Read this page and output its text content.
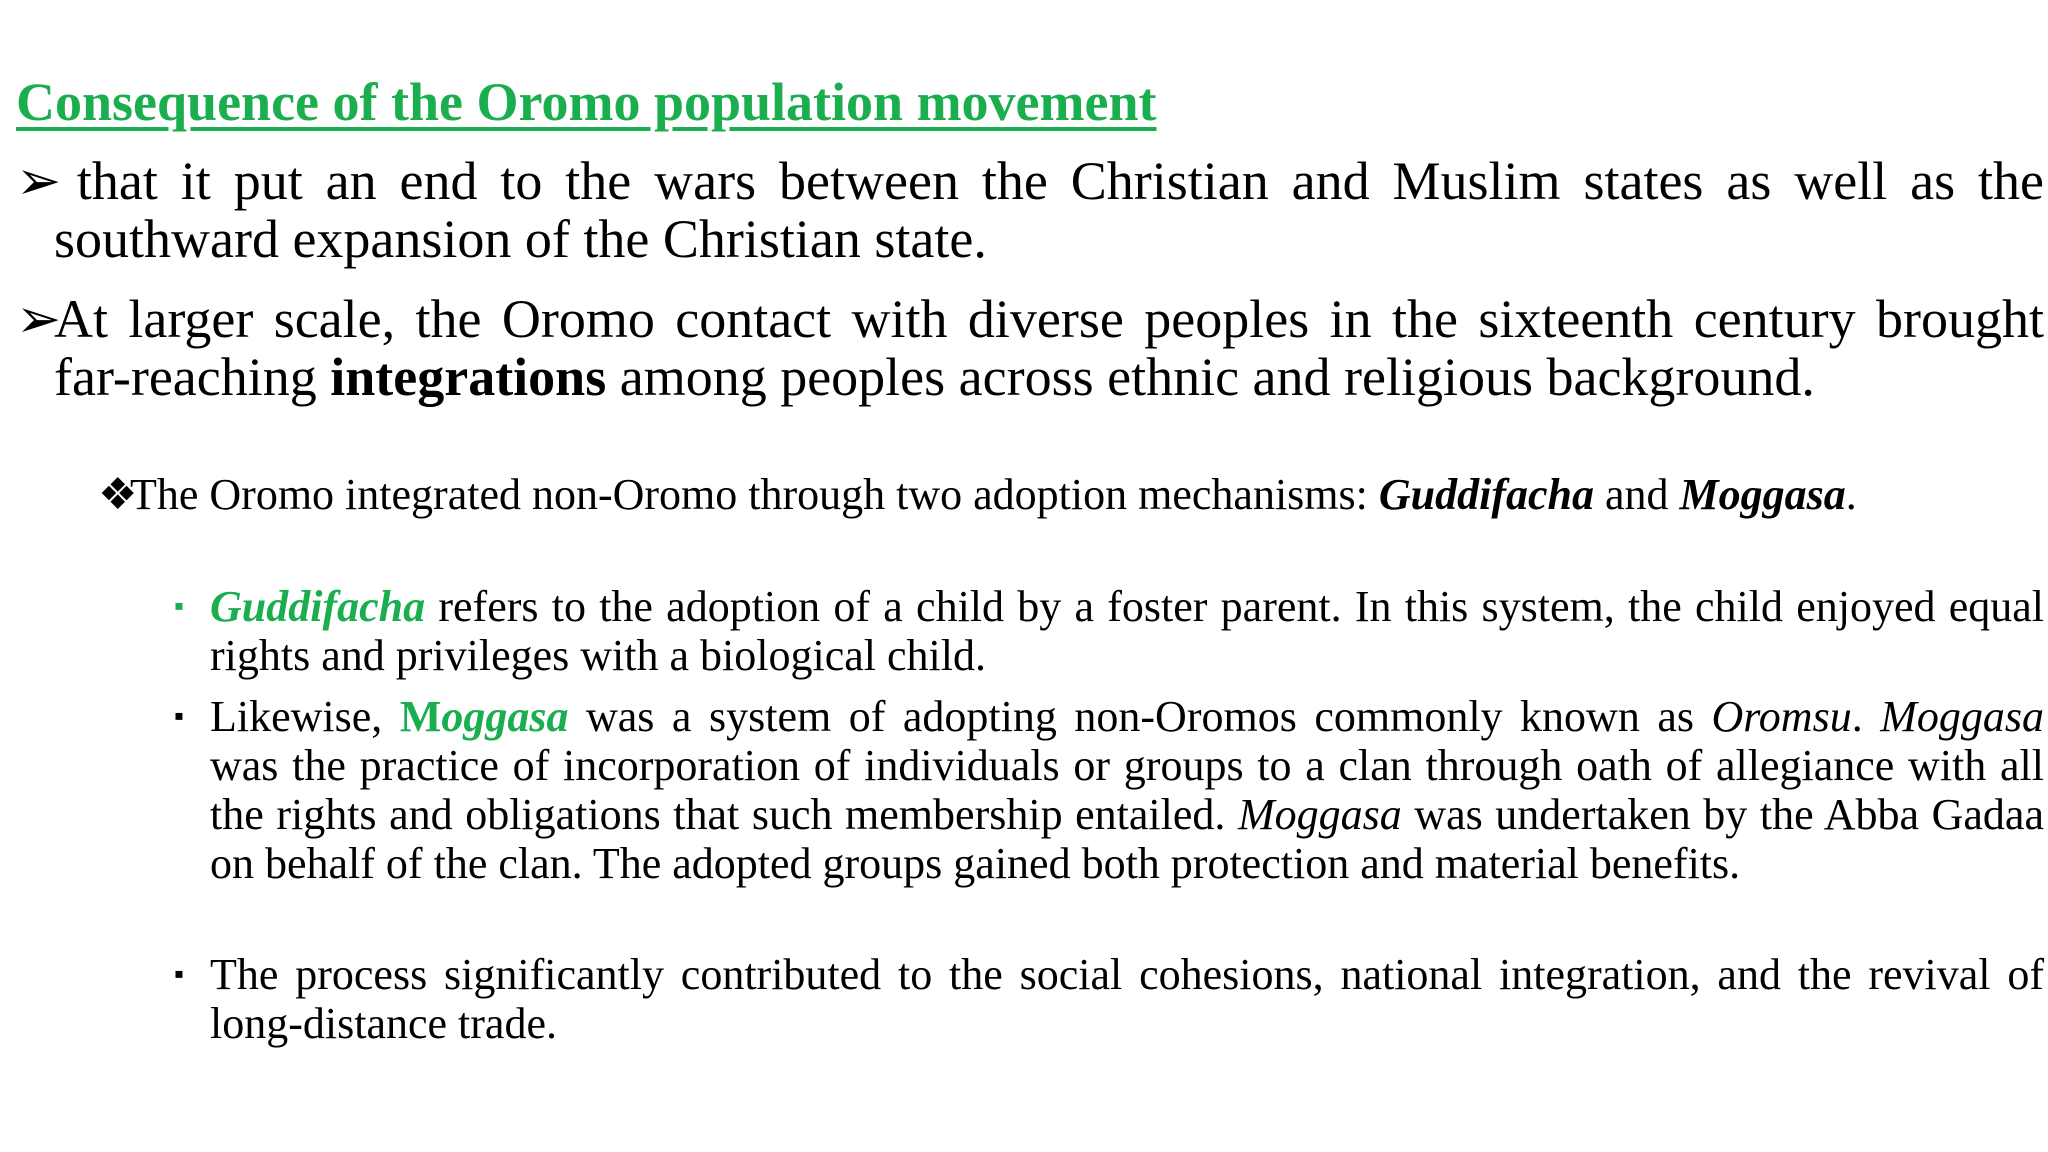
Consequence of the Oromo population movement
➢ that it put an end to the wars between the Christian and Muslim states as well as the southward expansion of the Christian state.
➢At larger scale, the Oromo contact with diverse peoples in the sixteenth century brought far-reaching integrations among peoples across ethnic and religious background.
❖The Oromo integrated non-Oromo through two adoption mechanisms: Guddifacha and Moggasa.
▪ Guddifacha refers to the adoption of a child by a foster parent. In this system, the child enjoyed equal rights and privileges with a biological child.
▪ Likewise, Moggasa was a system of adopting non-Oromos commonly known as Oromsu. Moggasa was the practice of incorporation of individuals or groups to a clan through oath of allegiance with all the rights and obligations that such membership entailed. Moggasa was undertaken by the Abba Gadaa on behalf of the clan. The adopted groups gained both protection and material benefits.
▪ The process significantly contributed to the social cohesions, national integration, and the revival of long-distance trade.
